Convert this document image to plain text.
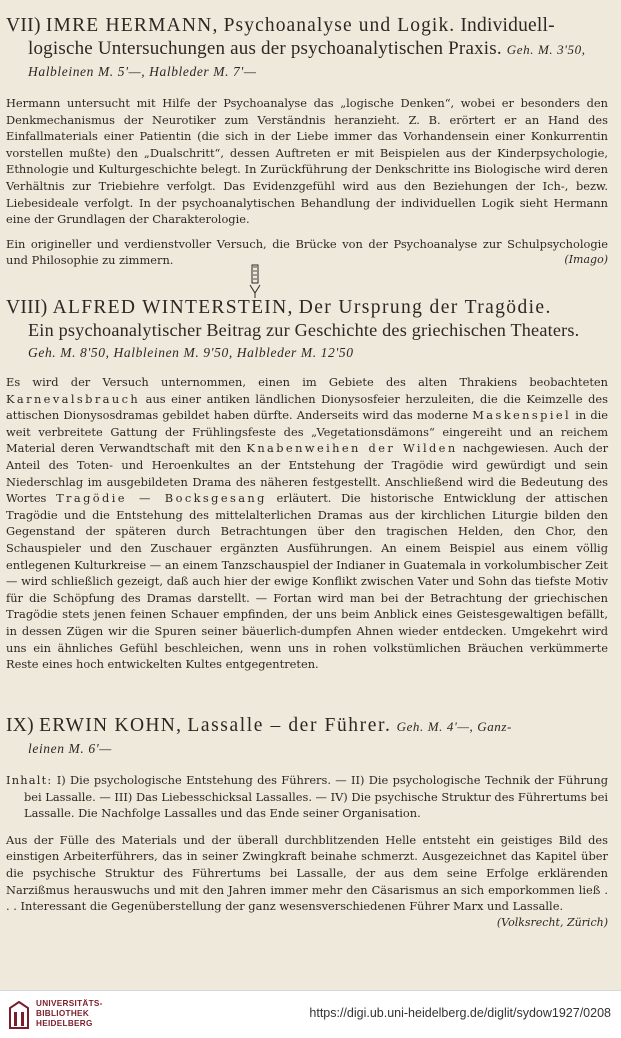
VII) IMRE HERMANN, Psychoanalyse und Logik. Individuell-
logische Untersuchungen aus der psychoanalytischen Praxis. Geh. M. 3'50,
Halbleinen M. 5'—, Halbleder M. 7'—

Hermann untersucht mit Hilfe der Psychoanalyse das „logische Denken“, wobei er besonders den Denkmechanismus der Neurotiker zum Verständnis heranzieht. Z. B. erörtert er an Hand des Einfallmaterials einer Patientin (die sich in der Liebe immer das Vorhandensein einer Konkurrentin vorstellen mußte) den „Dualschritt“, dessen Auftreten er mit Beispielen aus der Kinderpsychologie, Ethnologie und Kulturgeschichte belegt. In Zurückführung der Denkschritte ins Biologische wird deren Verhältnis zur Triebiehre verfolgt. Das Evidenzgefühl wird aus den Beziehungen der Ich-, bezw. Liebesideale verfolgt. In der psychoanalytischen Behandlung der individuellen Logik sieht Hermann eine der Grundlagen der Charakterologie.

Ein origineller und verdienstvoller Versuch, die Brücke von der Psychoanalyse zur Schulpsychologie und Philosophie zu zimmern.	(Imago)

VIII) ALFRED WINTERSTEIN, Der Ursprung der Tragödie.
Ein psychoanalytischer Beitrag zur Geschichte des griechischen Theaters.
Geh. M. 8'50, Halbleinen M. 9'50, Halbleder M. 12'50

Es wird der Versuch unternommen, einen im Gebiete des alten Thrakiens beobachteten Karnevalsbrauch aus einer antiken ländlichen Dionysosfeier herzuleiten, die die Keimzelle des attischen Dionysosdramas gebildet haben dürfte. Anderseits wird das moderne Maskenspiel in die weit verbreitete Gattung der Frühlingsfeste des „Vegetationsdämons“ eingereiht und an reichem Material deren Verwandtschaft mit den Knabenweihen der Wilden nachgewiesen. Auch der Anteil des Toten- und Heroenkultes an der Entstehung der Tragödie wird gewürdigt und sein Niederschlag im ausgebildeten Drama des näheren festgestellt. Anschließend wird die Bedeutung des Wortes Tragödie — Bocksgesang erläutert. Die historische Entwicklung der attischen Tragödie und die Entstehung des mittelalterlichen Dramas aus der kirchlichen Liturgie bilden den Gegenstand der späteren durch Betrachtungen über den tragischen Helden, den Chor, den Schauspieler und den Zuschauer ergänzten Ausführungen. An einem Beispiel aus einem völlig entlegenen Kulturkreise — an einem Tanzschauspiel der Indianer in Guatemala in vorkolumbischer Zeit — wird schließlich gezeigt, daß auch hier der ewige Konflikt zwischen Vater und Sohn das tiefste Motiv für die Schöpfung des Dramas darstellt. — Fortan wird man bei der Betrachtung der griechischen Tragödie stets jenen feinen Schauer empfinden, der uns beim Anblick eines Geistesgewaltigen befällt, in dessen Zügen wir die Spuren seiner bäuerlich-dumpfen Ahnen wieder entdecken. Umgekehrt wird uns ein ähnliches Gefühl beschleichen, wenn uns in rohen volkstümlichen Bräuchen verkümmerte Reste eines hoch entwickelten Kultes entgegentreten.

IX) ERWIN KOHN, Lassalle – der Führer. Geh. M. 4'—, Ganz-
leinen M. 6'—

Inhalt: I) Die psychologische Entstehung des Führers. — II) Die psychologische Technik der Führung bei Lassalle. — III) Das Liebesschicksal Lassalles. — IV) Die psychische Struktur des Führertums bei Lassalle. Die Nachfolge Lassalles und das Ende seiner Organisation.

Aus der Fülle des Materials und der überall durchblitzenden Helle entsteht ein geistiges Bild des einstigen Arbeiterführers, das in seiner Zwingkraft beinahe schmerzt. Ausgezeichnet das Kapitel über die psychische Struktur des Führertums bei Lassalle, der aus dem seine Erfolge erklärenden Narzißmus herauswuchs und mit den Jahren immer mehr den Cäsarismus an sich emporkommen ließ . . . Interessant die Gegenüberstellung der ganz wesensverschiedenen Führer Marx und Lassalle.
(Volksrecht, Zürich)

UNIVERSITÄTS-
BIBLIOTHEK
HEIDELBERG
https://digi.ub.uni-heidelberg.de/diglit/sydow1927/0208
